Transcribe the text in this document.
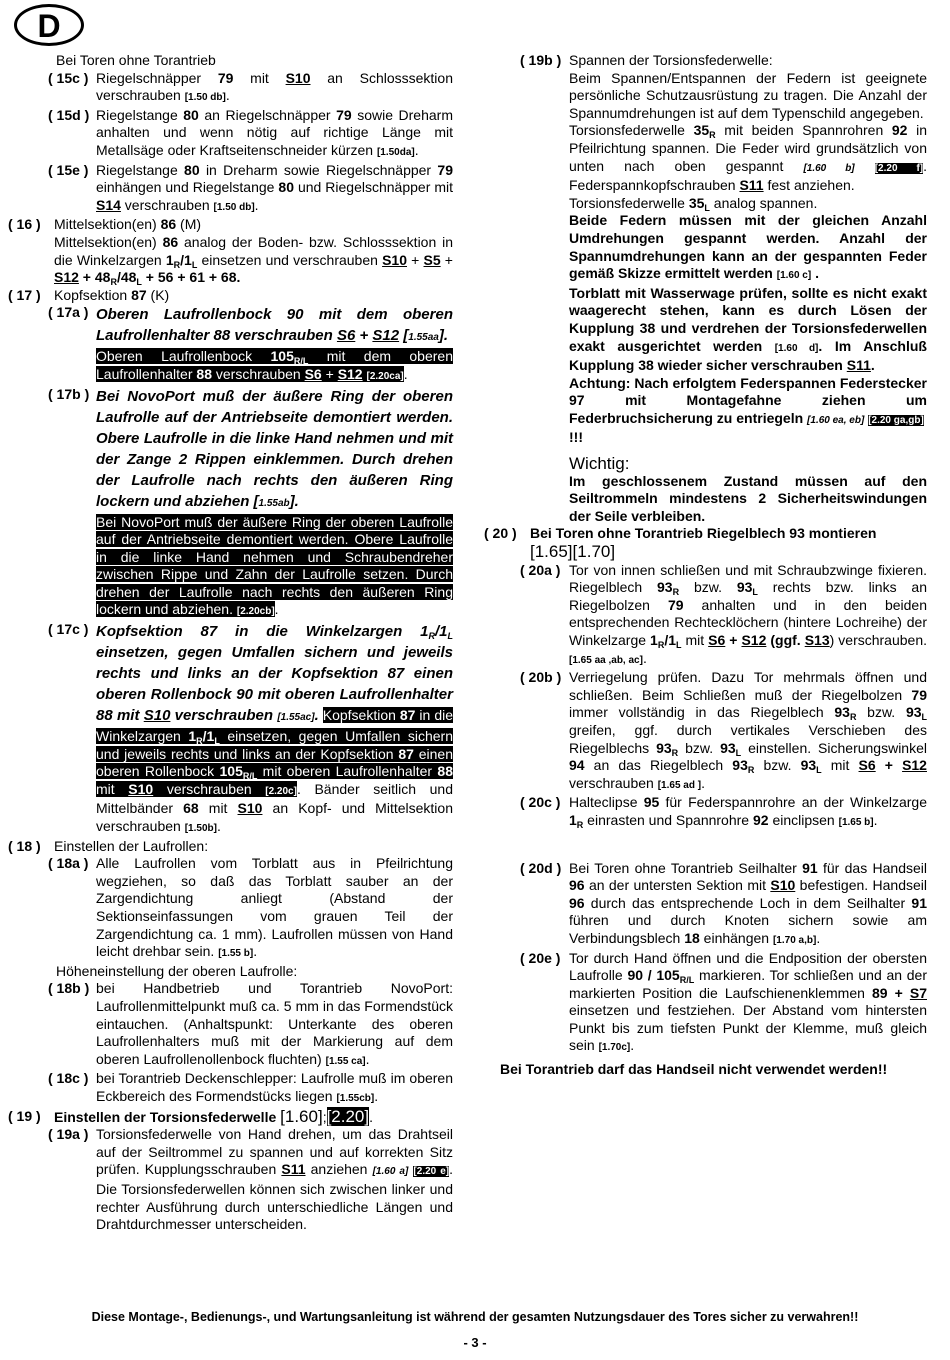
D
Bei Toren ohne Torantrieb
( 15c ) Riegelschnäpper 79 mit S10 an Schlosssektion verschrauben [1.50 db].
( 15d ) Riegelstange 80 an Riegelschnäpper 79 sowie Dreharm anhalten und wenn nötig auf richtige Länge mit Metallsäge oder Kraftseitenschneider kürzen [1.50da].
( 15e ) Riegelstange 80 in Dreharm sowie Riegelschnäpper 79 einhängen und Riegelstange 80 und Riegelschnäpper mit S14 verschrauben [1.50 db].
( 16 ) Mittelsektion(en) 86 (M)

Mittelsektion(en) 86 analog der Boden- bzw. Schlosssektion in die Winkelzargen $1_R/1_L$ einsetzen und verschrauben $S10 + S5 + S12 + 48_R/48_L + 56 + 61 + 68$.

( 17 ) Kopfsektion 87 (K)
( 17a ) Oberen Laufrollenbock 90 mit dem oberen Laufrollenhalter 88 verschrauben S6 + S12 [1.55aa].

Oberen Laufrollenbock $105_{R/L}$ mit dem oberen Laufrollenhalter 88 verschrauben S6 + S12 [2.20ca].

( 17b ) Bei NovoPort muß der äußere Ring der oberen Laufrolle auf der Antriebseite demontiert werden. Obere Laufrolle in die linke Hand nehmen und mit der Zange 2 Rippen einklemmen. Durch drehen der Laufrolle nach rechts den äußeren Ring lockern und abziehen [1.55ab].

Bei NovoPort muß der äußere Ring der oberen Laufrolle auf der Antriebseite demontiert werden. Obere Laufrolle in die linke Hand nehmen und Schraubendreher zwischen Rippe und Zahn der Laufrolle setzen. Durch drehen der Laufrolle nach rechts den äußeren Ring lockern und abziehen. [2.20cb].

( 17c ) Kopfsektion 87 in die Winkelzargen $1_R/1_L$ einsetzen, gegen Umfallen sichern und jeweils rechts und links an der Kopfsektion 87 einen oberen Rollenbock 90 mit oberen Laufrollenhalter 88 mit S10 verschrauben [1.55ac]. Kopfsektion 87 in die Winkelzargen $1_R/1_L$ einsetzen, gegen Umfallen sichern und jeweils rechts und links an der Kopfsektion 87 einen oberen Rollenbock $105_{R/L}$ mit oberen Laufrollenhalter 88 mit S10 verschrauben [2.20c]. Bänder seitlich und Mittelbänder 68 mit S10 an Kopf- und Mittelsektion verschrauben [1.50b].

( 18 ) Einstellen der Laufrollen:
( 18a ) Alle Laufrollen vom Torblatt aus in Pfeilrichtung wegziehen, so daß das Torblatt sauber an der Zargendichtung anliegt (Abstand der Sektionseinfassungen vom grauen Teil der Zargendichtung ca. 1 mm). Laufrollen müssen von Hand leicht drehbar sein. [1.55 b].
Höheneinstellung der oberen Laufrolle:
( 18b ) bei Handbetrieb und Torantrieb NovoPort: Laufrollenmittelpunkt muß ca. 5 mm in das Formendstück eintauchen. (Anhaltspunkt: Unterkante des oberen Laufrollenhalters muß mit der Markierung auf dem oberen Laufrollenollenbock fluchten) [1.55 ca].
( 18c ) bei Torantrieb Deckenschlepper: Laufrolle muß im oberen Eckbereich des Formendstücks liegen [1.55cb].
( 19 ) Einstellen der Torsionsfederwelle [1.60];[2.20].
( 19a ) Torsionsfederwelle von Hand drehen, um das Drahtseil auf der Seiltrommel zu spannen und auf korrekten Sitz prüfen. Kupplungsschrauben S11 anziehen [1.60 a] [2.20 e]. Die Torsionsfederwellen können sich zwischen linker und rechter Ausführung durch unterschiedliche Längen und Drahtdurchmesser unterscheiden.
( 19b ) Spannen der Torsionsfederwelle:

Beim Spannen/Entspannen der Federn ist geeignete persönliche Schutzausrüstung zu tragen. Die Anzahl der Spannumdrehungen ist auf dem Typenschild angegeben.

Torsionsfederwelle $35_R$ mit beiden Spannrohren 92 in Pfeilrichtung spannen. Die Feder wird grundsätzlich von unten nach oben gespannt [1.60 b] [2.20 f]. Federspannkopfschrauben S11 fest anziehen.

Torsionsfederwelle $35_L$ analog spannen.

Beide Federn müssen mit der gleichen Anzahl Umdrehungen gespannt werden. Anzahl der Spannumdrehungen kann an der gespannten Feder gemäß Skizze ermittelt werden [1.60 c] .

Torblatt mit Wasserwage prüfen, sollte es nicht exakt waagerecht stehen, kann es durch Lösen der Kupplung 38 und verdrehen der Torsionsfederwellen exakt ausgerichtet werden [1.60 d]. Im Anschluß Kupplung 38 wieder sicher verschrauben S11.

Achtung: Nach erfolgtem Federspannen Federstecker 97 mit Montagefahne ziehen um Federbruchsicherung zu entriegeln [1.60 ea, eb] [2.20 ga,gb]

!!!

Wichtig:

Im geschlossenem Zustand müssen auf den Seiltrommeln mindestens 2 Sicherheitswindungen der Seile verbleiben.

( 20 ) Bei Toren ohne Torantrieb Riegelblech 93 montieren

[1.65][1.70]

( 20a ) Tor von innen schließen und mit Schraubzwinge fixieren. Riegelblech $93_R$ bzw. $93_L$ rechts bzw. links an Riegelbolzen 79 anhalten und in den beiden entsprechenden Rechtecklöchern (hintere Lochreihe) der Winkelzarge $1_R/1_L$ mit S6 + S12 (ggf. S13) verschrauben. [1.65 aa ,ab, ac].
( 20b ) Verriegelung prüfen. Dazu Tor mehrmals öffnen und schließen. Beim Schließen muß der Riegelbolzen 79 immer vollständig in das Riegelblech $93_R$ bzw. $93_L$ greifen, ggf. durch vertikales Verschieben des Riegelblechs $93_R$ bzw. $93_L$ einstellen. Sicherungswinkel 94 an das Riegelblech $93_R$ bzw. $93_L$ mit S6 + S12 verschrauben [1.65 ad ].
( 20c ) Halteclipse 95 für Federspannrohre an der Winkelzarge $1_R$ einrasten und Spannrohre 92 einclipsen [1.65 b].
( 20d ) Bei Toren ohne Torantrieb Seilhalter 91 für das Handseil 96 an der untersten Sektion mit S10 befestigen. Handseil 96 durch das entsprechende Loch in dem Seilhalter 91 führen und durch Knoten sichern sowie am Verbindungsblech 18 einhängen [1.70 a,b].
( 20e ) Tor durch Hand öffnen und die Endposition der obersten Laufrolle $90 / 105_{R/L}$ markieren. Tor schließen und an der markierten Position die Laufschienenklemmen 89 + S7 einsetzen und festziehen. Der Abstand vom hintersten Punkt bis zum tiefsten Punkt der Klemme, muß gleich sein [1.70c].
Bei Torantrieb darf das Handseil nicht verwendet werden!!
Diese Montage-, Bedienungs-, und Wartungsanleitung ist während der gesamten Nutzungsdauer des Tores sicher zu verwahren!!
- 3 -
